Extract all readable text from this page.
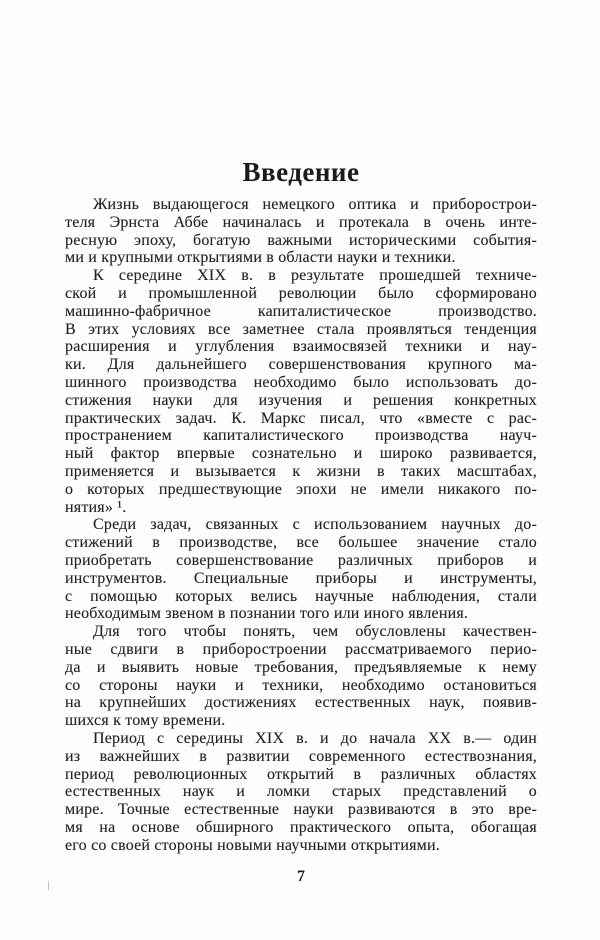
Введение
Жизнь выдающегося немецкого оптика и приборострои-
теля Эрнста Аббе начиналась и протекала в очень инте-
ресную эпоху, богатую важными историческими события-
ми и крупными открытиями в области науки и техники.
К середине XIX в. в результате прошедшей техниче-
ской и промышленной революции было сформировано
машинно-фабричное капиталистическое производство.
В этих условиях все заметнее стала проявляться тенденция
расширения и углубления взаимосвязей техники и нау-
ки. Для дальнейшего совершенствования крупного ма-
шинного производства необходимо было использовать до-
стижения науки для изучения и решения конкретных
практических задач. К. Маркс писал, что «вместе с рас-
пространением капиталистического производства науч-
ный фактор впервые сознательно и широко развивается,
применяется и вызывается к жизни в таких масштабах,
о которых предшествующие эпохи не имели никакого по-
нятия» ¹.
Среди задач, связанных с использованием научных до-
стижений в производстве, все большее значение стало
приобретать совершенствование различных приборов и
инструментов. Специальные приборы и инструменты,
с помощью которых велись научные наблюдения, стали
необходимым звеном в познании того или иного явления.
Для того чтобы понять, чем обусловлены качествен-
ные сдвиги в приборостроении рассматриваемого перио-
да и выявить новые требования, предъявляемые к нему
со стороны науки и техники, необходимо остановиться
на крупнейших достижениях естественных наук, появив-
шихся к тому времени.
Период с середины XIX в. и до начала XX в.— один
из важнейших в развитии современного естествознания,
период революционных открытий в различных областях
естественных наук и ломки старых представлений о
мире. Точные естественные науки развиваются в это вре-
мя на основе обширного практического опыта, обогащая
его со своей стороны новыми научными открытиями.
7
